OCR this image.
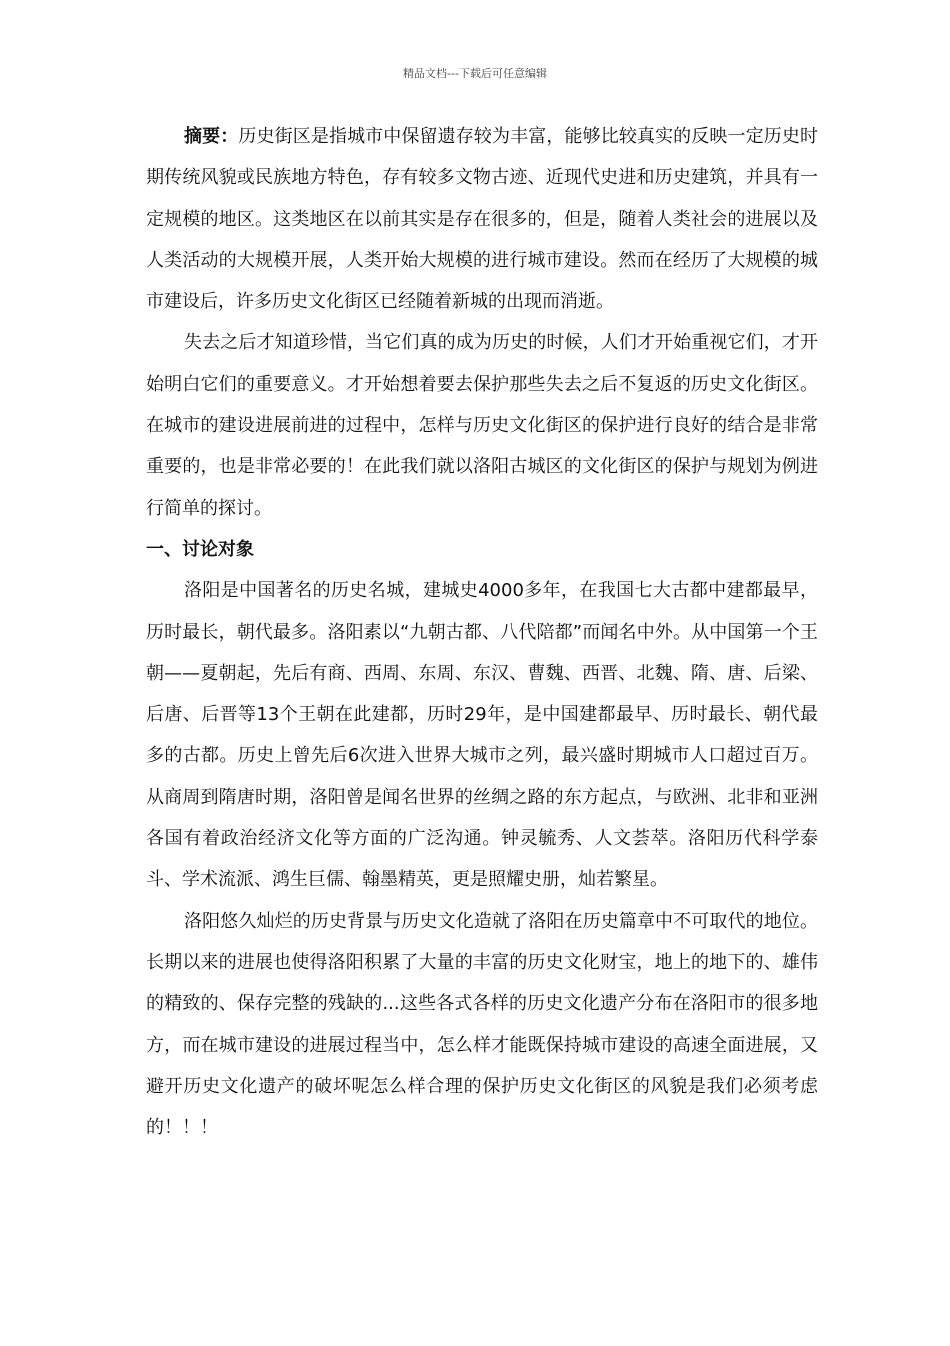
精品文档---下载后可任意编辑

摘要：历史街区是指城市中保留遗存较为丰富，能够比较真实的反映一定历史时期传统风貌或民族地方特色，存有较多文物古迹、近现代史进和历史建筑，并具有一定规模的地区。这类地区在以前其实是存在很多的，但是，随着人类社会的进展以及人类活动的大规模开展，人类开始大规模的进行城市建设。然而在经历了大规模的城市建设后，许多历史文化街区已经随着新城的出现而消逝。

失去之后才知道珍惜，当它们真的成为历史的时候，人们才开始重视它们，才开始明白它们的重要意义。才开始想着要去保护那些失去之后不复返的历史文化街区。在城市的建设进展前进的过程中，怎样与历史文化街区的保护进行良好的结合是非常重要的，也是非常必要的！在此我们就以洛阳古城区的文化街区的保护与规划为例进行简单的探讨。

一、讨论对象

洛阳是中国著名的历史名城，建城史4000多年，在我国七大古都中建都最早，历时最长，朝代最多。洛阳素以“九朝古都、八代陪都”而闻名中外。从中国第一个王朝——夏朝起，先后有商、西周、东周、东汉、曹魏、西晋、北魏、隋、唐、后梁、后唐、后晋等13个王朝在此建都，历时29年，是中国建都最早、历时最长、朝代最多的古都。历史上曾先后6次进入世界大城市之列，最兴盛时期城市人口超过百万。从商周到隋唐时期，洛阳曾是闻名世界的丝绸之路的东方起点，与欧洲、北非和亚洲各国有着政治经济文化等方面的广泛沟通。钟灵毓秀、人文荟萃。洛阳历代科学泰斗、学术流派、鸿生巨儒、翰墨精英，更是照耀史册，灿若繁星。

洛阳悠久灿烂的历史背景与历史文化造就了洛阳在历史篇章中不可取代的地位。长期以来的进展也使得洛阳积累了大量的丰富的历史文化财宝，地上的地下的、雄伟的精致的、保存完整的残缺的...这些各式各样的历史文化遗产分布在洛阳市的很多地方，而在城市建设的进展过程当中，怎么样才能既保持城市建设的高速全面进展，又避开历史文化遗产的破坏呢怎么样合理的保护历史文化街区的风貌是我们必须考虑的！！！
